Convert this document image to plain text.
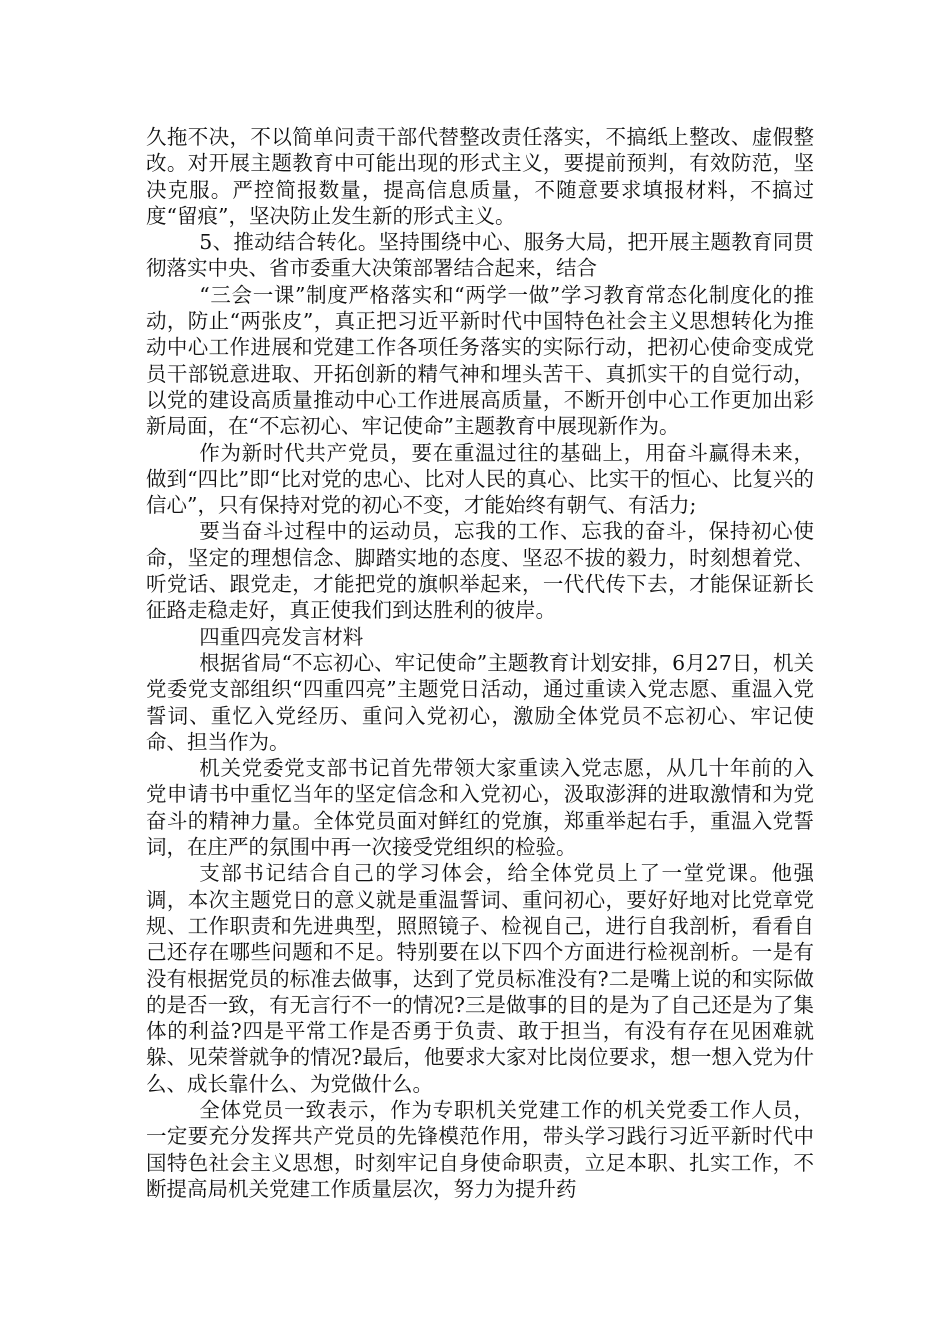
久拖不决，不以简单问责干部代替整改责任落实，不搞纸上整改、虚假整改。对开展主题教育中可能出现的形式主义，要提前预判，有效防范，坚决克服。严控简报数量，提高信息质量，不随意要求填报材料，不搞过度“留痕”，坚决防止发生新的形式主义。

5、推动结合转化。坚持围绕中心、服务大局，把开展主题教育同贯彻落实中央、省市委重大决策部署结合起来，结合

“三会一课”制度严格落实和“两学一做”学习教育常态化制度化的推动，防止“两张皮”，真正把习近平新时代中国特色社会主义思想转化为推动中心工作进展和党建工作各项任务落实的实际行动，把初心使命变成党员干部锐意进取、开拓创新的精气神和埋头苦干、真抓实干的自觉行动，以党的建设高质量推动中心工作进展高质量，不断开创中心工作更加出彩新局面，在“不忘初心、牢记使命”主题教育中展现新作为。

作为新时代共产党员，要在重温过往的基础上，用奋斗赢得未来，做到“四比”即“比对党的忠心、比对人民的真心、比实干的恒心、比复兴的信心”，只有保持对党的初心不变，才能始终有朝气、有活力;

要当奋斗过程中的运动员，忘我的工作、忘我的奋斗，保持初心使命，坚定的理想信念、脚踏实地的态度、坚忍不拔的毅力，时刻想着党、听党话、跟党走，才能把党的旗帜举起来，一代代传下去，才能保证新长征路走稳走好，真正使我们到达胜利的彼岸。

四重四亮发言材料

根据省局“不忘初心、牢记使命”主题教育计划安排，6月27日，机关党委党支部组织“四重四亮”主题党日活动，通过重读入党志愿、重温入党誓词、重忆入党经历、重问入党初心，激励全体党员不忘初心、牢记使命、担当作为。

机关党委党支部书记首先带领大家重读入党志愿，从几十年前的入党申请书中重忆当年的坚定信念和入党初心，汲取澎湃的进取激情和为党奋斗的精神力量。全体党员面对鲜红的党旗，郑重举起右手，重温入党誓词，在庄严的氛围中再一次接受党组织的检验。

支部书记结合自己的学习体会，给全体党员上了一堂党课。他强调，本次主题党日的意义就是重温誓词、重问初心，要好好地对比党章党规、工作职责和先进典型，照照镜子、检视自己，进行自我剖析，看看自己还存在哪些问题和不足。特别要在以下四个方面进行检视剖析。一是有没有根据党员的标准去做事，达到了党员标准没有?二是嘴上说的和实际做的是否一致，有无言行不一的情况?三是做事的目的是为了自己还是为了集体的利益?四是平常工作是否勇于负责、敢于担当，有没有存在见困难就躲、见荣誉就争的情况?最后，他要求大家对比岗位要求，想一想入党为什么、成长靠什么、为党做什么。

全体党员一致表示，作为专职机关党建工作的机关党委工作人员，一定要充分发挥共产党员的先锋模范作用，带头学习践行习近平新时代中国特色社会主义思想，时刻牢记自身使命职责，立足本职、扎实工作，不断提高局机关党建工作质量层次，努力为提升药
